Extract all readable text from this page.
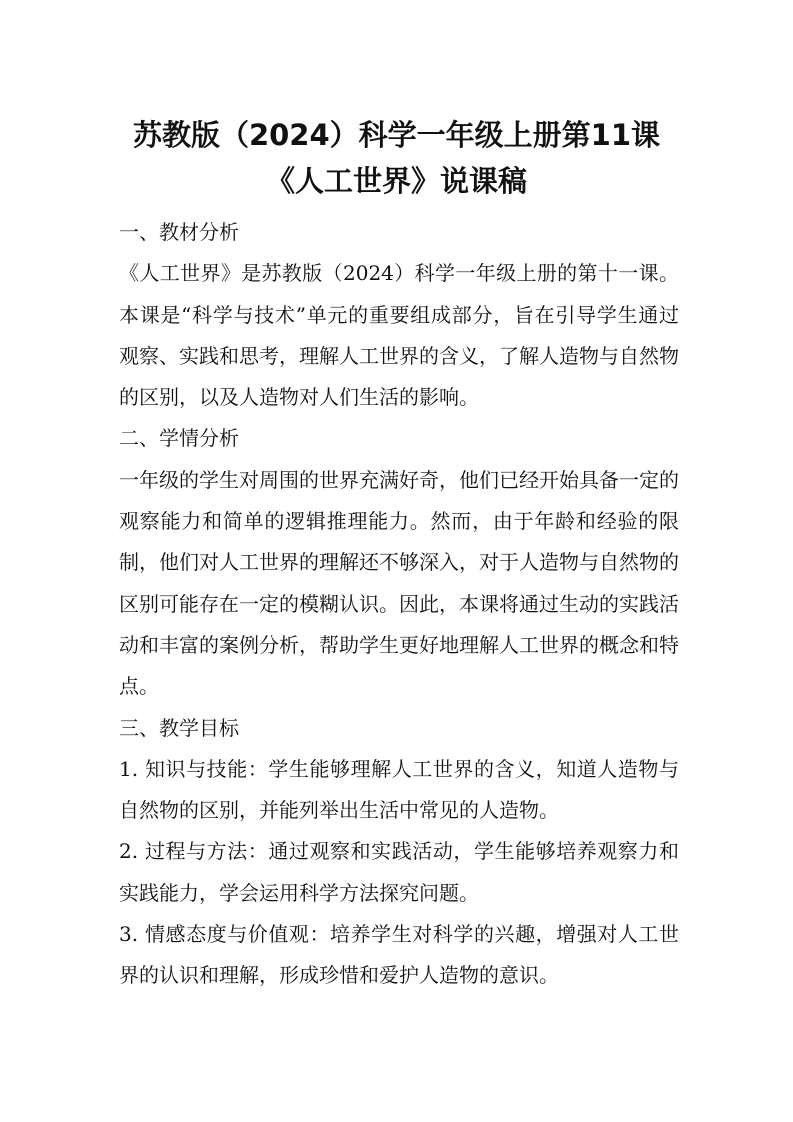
苏教版（2024）科学一年级上册第11课《人工世界》说课稿

一、教材分析

《人工世界》是苏教版（2024）科学一年级上册的第十一课。本课是“科学与技术”单元的重要组成部分，旨在引导学生通过观察、实践和思考，理解人工世界的含义，了解人造物与自然物的区别，以及人造物对人们生活的影响。

二、学情分析

一年级的学生对周围的世界充满好奇，他们已经开始具备一定的观察能力和简单的逻辑推理能力。然而，由于年龄和经验的限制，他们对人工世界的理解还不够深入，对于人造物与自然物的区别可能存在一定的模糊认识。因此，本课将通过生动的实践活动和丰富的案例分析，帮助学生更好地理解人工世界的概念和特点。

三、教学目标

1. 知识与技能：学生能够理解人工世界的含义，知道人造物与自然物的区别，并能列举出生活中常见的人造物。

2. 过程与方法：通过观察和实践活动，学生能够培养观察力和实践能力，学会运用科学方法探究问题。

3. 情感态度与价值观：培养学生对科学的兴趣，增强对人工世界的认识和理解，形成珍惜和爱护人造物的意识。
